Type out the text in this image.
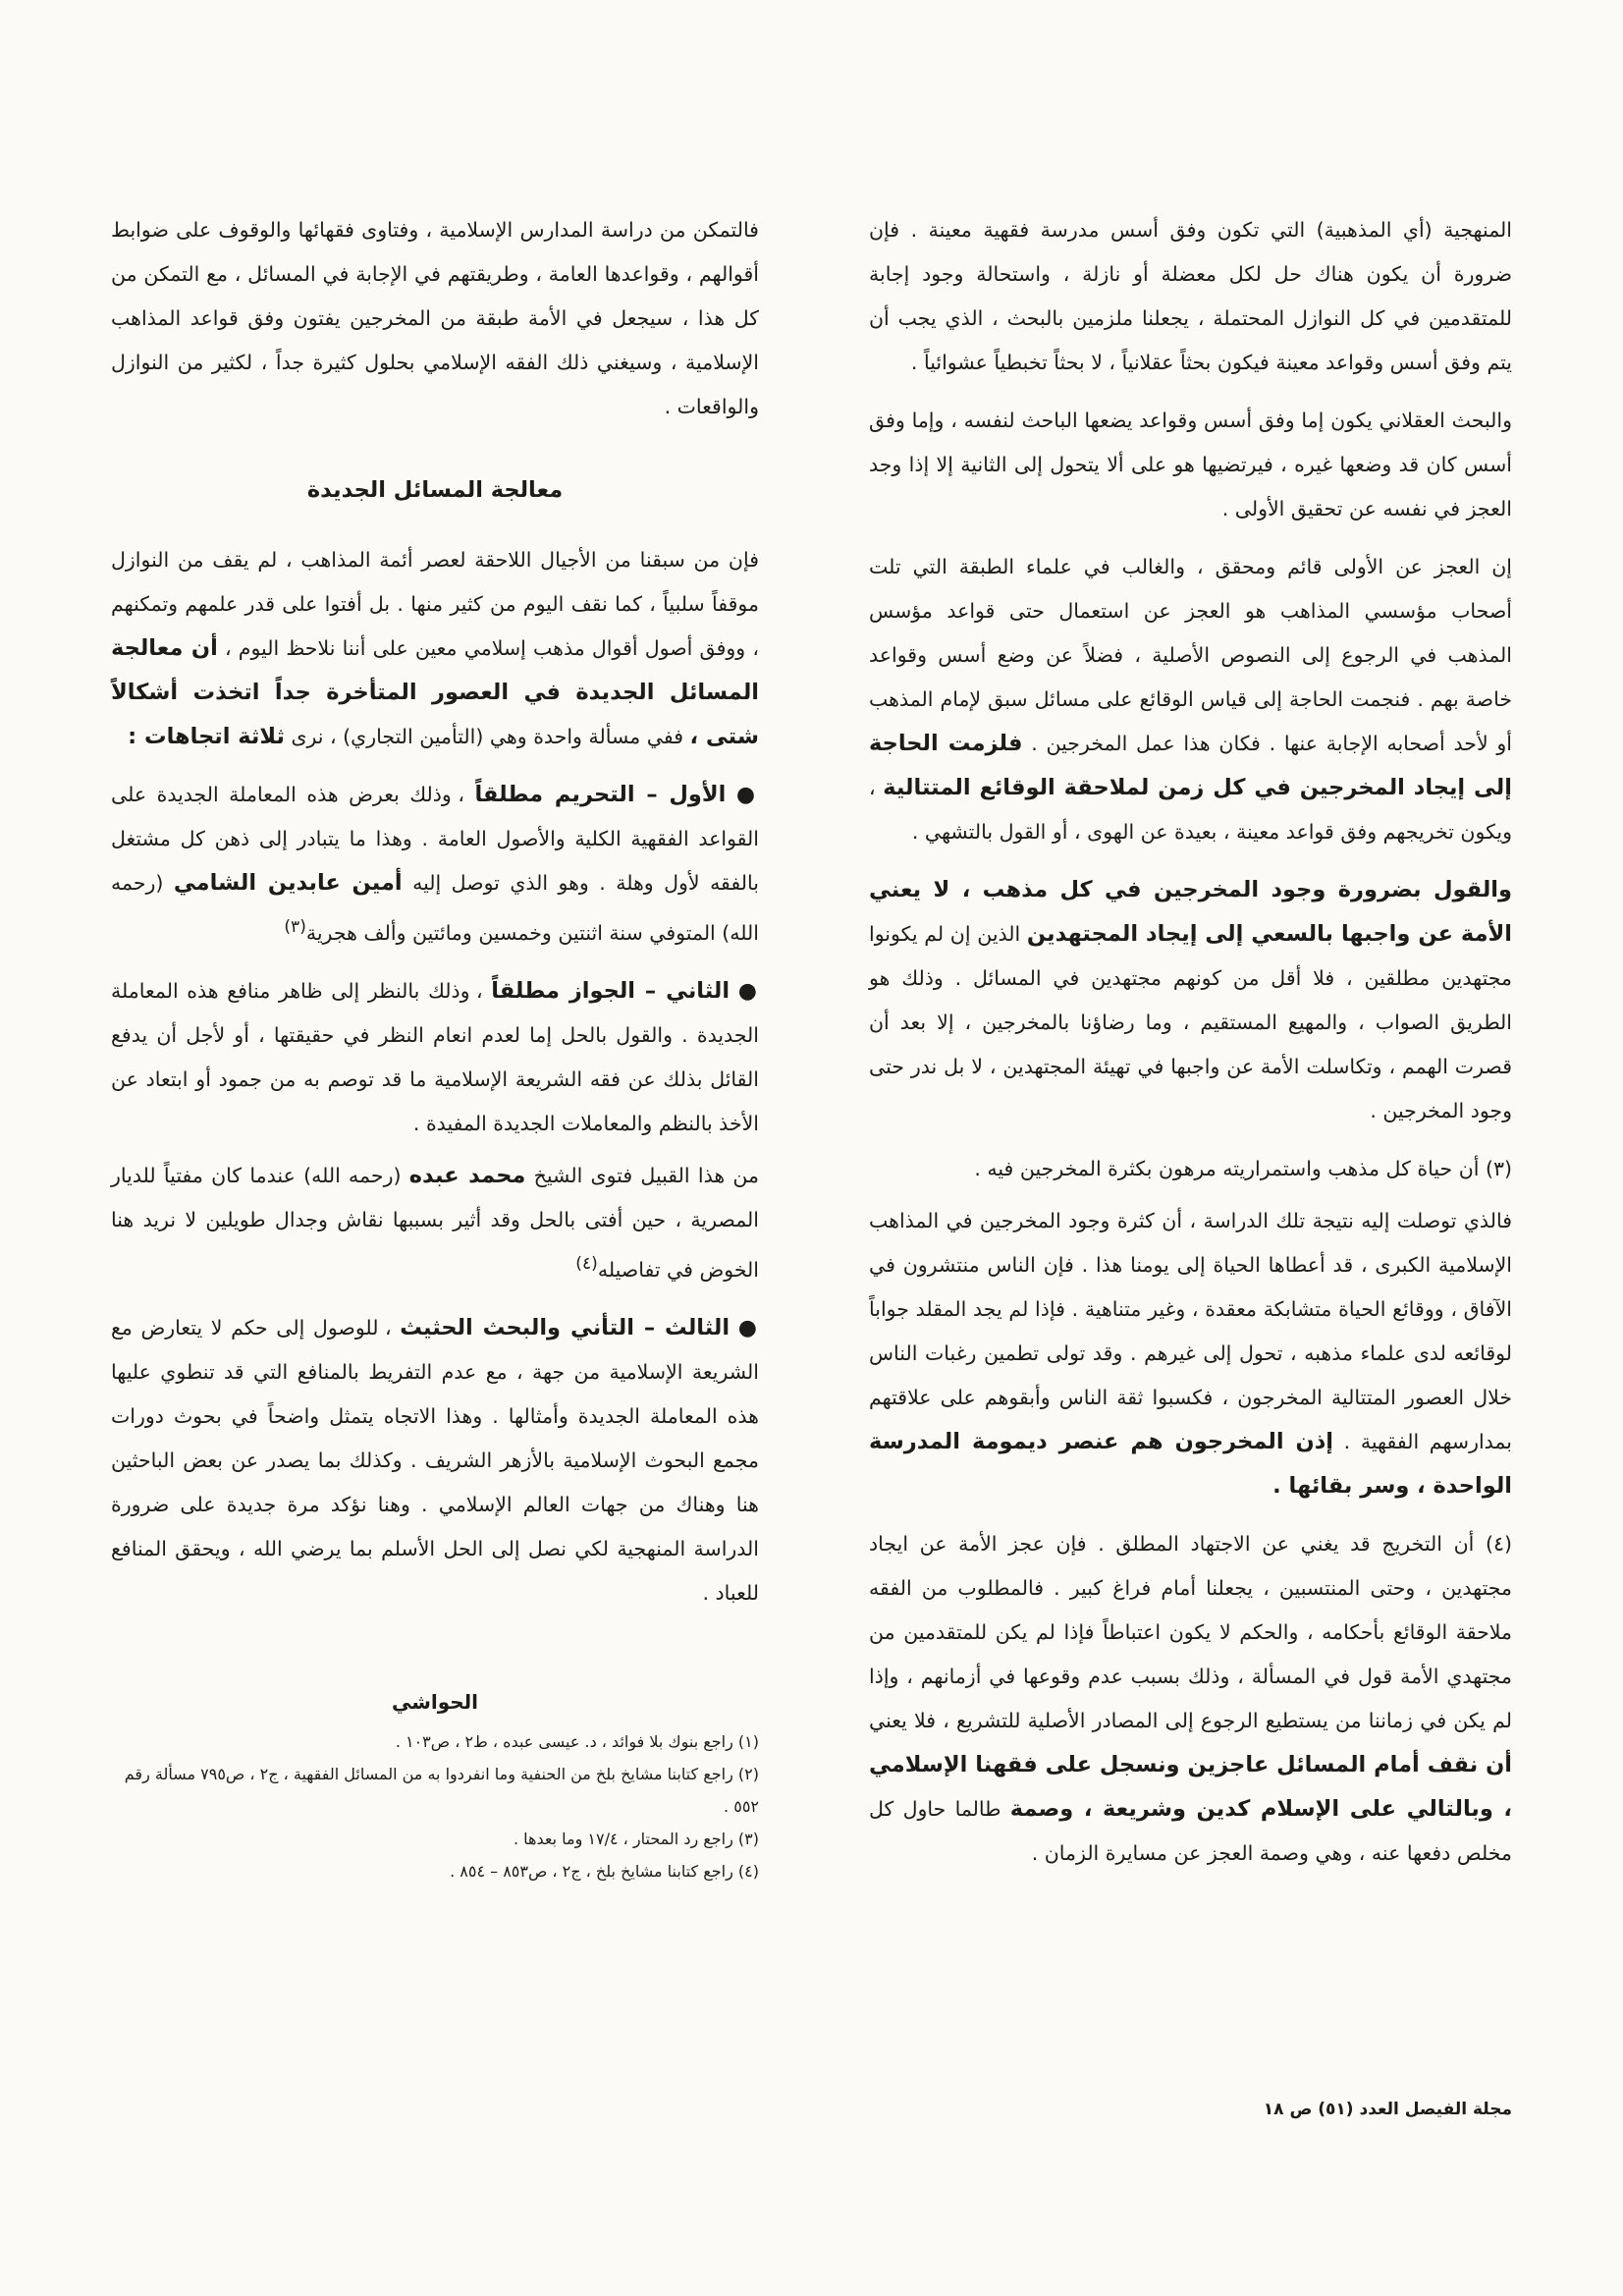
المنهجية (أي المذهبية) التي تكون وفق أسس مدرسة فقهية معينة . فإن ضرورة أن يكون هناك حل لكل معضلة أو نازلة ، واستحالة وجود إجابة للمتقدمين في كل النوازل المحتملة ، يجعلنا ملزمين بالبحث ، الذي يجب أن يتم وفق أسس وقواعد معينة فيكون بحثاً عقلانياً ، لا بحثاً تخبطياً عشوائياً .

والبحث العقلاني يكون إما وفق أسس وقواعد يضعها الباحث لنفسه ، وإما وفق أسس كان قد وضعها غيره ، فيرتضيها هو على ألا يتحول إلى الثانية إلا إذا وجد العجز في نفسه عن تحقيق الأولى .

إن العجز عن الأولى قائم ومحقق ، والغالب في علماء الطبقة التي تلت أصحاب مؤسسي المذاهب هو العجز عن استعمال حتى قواعد مؤسس المذهب في الرجوع إلى النصوص الأصلية ، فضلاً عن وضع أسس وقواعد خاصة بهم . فنجمت الحاجة إلى قياس الوقائع على مسائل سبق لإمام المذهب أو لأحد أصحابه الإجابة عنها . فكان هذا عمل المخرجين . فلزمت الحاجة إلى إيجاد المخرجين في كل زمن لملاحقة الوقائع المتتالية ، ويكون تخريجهم وفق قواعد معينة ، بعيدة عن الهوى ، أو القول بالتشهي .

والقول بضرورة وجود المخرجين في كل مذهب ، لا يعني الأمة عن واجبها بالسعي إلى إيجاد المجتهدين الذين إن لم يكونوا مجتهدين مطلقين ، فلا أقل من كونهم مجتهدين في المسائل . وذلك هو الطريق الصواب ، والمهيع المستقيم ، وما رضاؤنا بالمخرجين ، إلا بعد أن قصرت الهمم ، وتكاسلت الأمة عن واجبها في تهيئة المجتهدين ، لا بل ندر حتى وجود المخرجين .

(٣) أن حياة كل مذهب واستمراريته مرهون بكثرة المخرجين فيه .

فالذي توصلت إليه نتيجة تلك الدراسة ، أن كثرة وجود المخرجين في المذاهب الإسلامية الكبرى ، قد أعطاها الحياة إلى يومنا هذا . فإن الناس منتشرون في الآفاق ، ووقائع الحياة متشابكة معقدة ، وغير متناهية . فإذا لم يجد المقلد جواباً لوقائعه لدى علماء مذهبه ، تحول إلى غيرهم . وقد تولى تطمين رغبات الناس خلال العصور المتتالية المخرجون ، فكسبوا ثقة الناس وأبقوهم على علاقتهم بمدارسهم الفقهية . إذن المخرجون هم عنصر ديمومة المدرسة الواحدة ، وسر بقائها .

(٤) أن التخريج قد يغني عن الاجتهاد المطلق . فإن عجز الأمة عن ايجاد مجتهدين ، وحتى المنتسبين ، يجعلنا أمام فراغ كبير . فالمطلوب من الفقه ملاحقة الوقائع بأحكامه ، والحكم لا يكون اعتباطاً فإذا لم يكن للمتقدمين من مجتهدي الأمة قول في المسألة ، وذلك بسبب عدم وقوعها في أزمانهم ، وإذا لم يكن في زماننا من يستطيع الرجوع إلى المصادر الأصلية للتشريع ، فلا يعني أن نقف أمام المسائل عاجزين ونسجل على فقهنا الإسلامي ، وبالتالي على الإسلام كدين وشريعة ، وصمة طالما حاول كل مخلص دفعها عنه ، وهي وصمة العجز عن مسايرة الزمان .

فالتمكن من دراسة المدارس الإسلامية ، وفتاوى فقهائها والوقوف على ضوابط أقوالهم ، وقواعدها العامة ، وطريقتهم في الإجابة في المسائل ، مع التمكن من كل هذا ، سيجعل في الأمة طبقة من المخرجين يفتون وفق قواعد المذاهب الإسلامية ، وسيغني ذلك الفقه الإسلامي بحلول كثيرة جداً ، لكثير من النوازل والواقعات .

معالجة المسائل الجديدة

فإن من سبقنا من الأجيال اللاحقة لعصر أئمة المذاهب ، لم يقف من النوازل موقفاً سلبياً ، كما نقف اليوم من كثير منها . بل أفتوا على قدر علمهم وتمكنهم ، ووفق أصول أقوال مذهب إسلامي معين على أننا نلاحظ اليوم ، أن معالجة المسائل الجديدة في العصور المتأخرة جداً اتخذت أشكالاً شتى ، ففي مسألة واحدة وهي (التأمين التجاري) ، نرى ثلاثة اتجاهات :

● الأول – التحريم مطلقاً ، وذلك بعرض هذه المعاملة الجديدة على القواعد الفقهية الكلية والأصول العامة . وهذا ما يتبادر إلى ذهن كل مشتغل بالفقه لأول وهلة . وهو الذي توصل إليه أمين عابدين الشامي (رحمه الله) المتوفي سنة اثنتين وخمسين ومائتين وألف هجرية$^{(٣)}$

● الثاني – الجواز مطلقاً ، وذلك بالنظر إلى ظاهر منافع هذه المعاملة الجديدة . والقول بالحل إما لعدم انعام النظر في حقيقتها ، أو لأجل أن يدفع القائل بذلك عن فقه الشريعة الإسلامية ما قد توصم به من جمود أو ابتعاد عن الأخذ بالنظم والمعاملات الجديدة المفيدة .

من هذا القبيل فتوى الشيخ محمد عبده (رحمه الله) عندما كان مفتياً للديار المصرية ، حين أفتى بالحل وقد أثير بسببها نقاش وجدال طويلين لا نريد هنا الخوض في تفاصيله$^{(٤)}$

● الثالث – التأني والبحث الحثيث ، للوصول إلى حكم لا يتعارض مع الشريعة الإسلامية من جهة ، مع عدم التفريط بالمنافع التي قد تنطوي عليها هذه المعاملة الجديدة وأمثالها . وهذا الاتجاه يتمثل واضحاً في بحوث دورات مجمع البحوث الإسلامية بالأزهر الشريف . وكذلك بما يصدر عن بعض الباحثين هنا وهناك من جهات العالم الإسلامي . وهنا نؤكد مرة جديدة على ضرورة الدراسة المنهجية لكي نصل إلى الحل الأسلم بما يرضي الله ، ويحقق المنافع للعباد .

الحواشي
(١) راجع بنوك بلا فوائد ، د. عيسى عبده ، ط٢ ، ص١٠٣ .
(٢) راجع كتابنا مشايخ بلخ من الحنفية وما انفردوا به من المسائل الفقهية ، ج٢ ، ص٧٩٥ مسألة رقم ٥٥٢ .
(٣) راجع رد المحتار ، ١٧/٤ وما بعدها .
(٤) راجع كتابنا مشايخ بلخ ، ج٢ ، ص٨٥٣ – ٨٥٤ .
مجلة الفيصل العدد (٥١) ص ١٨
